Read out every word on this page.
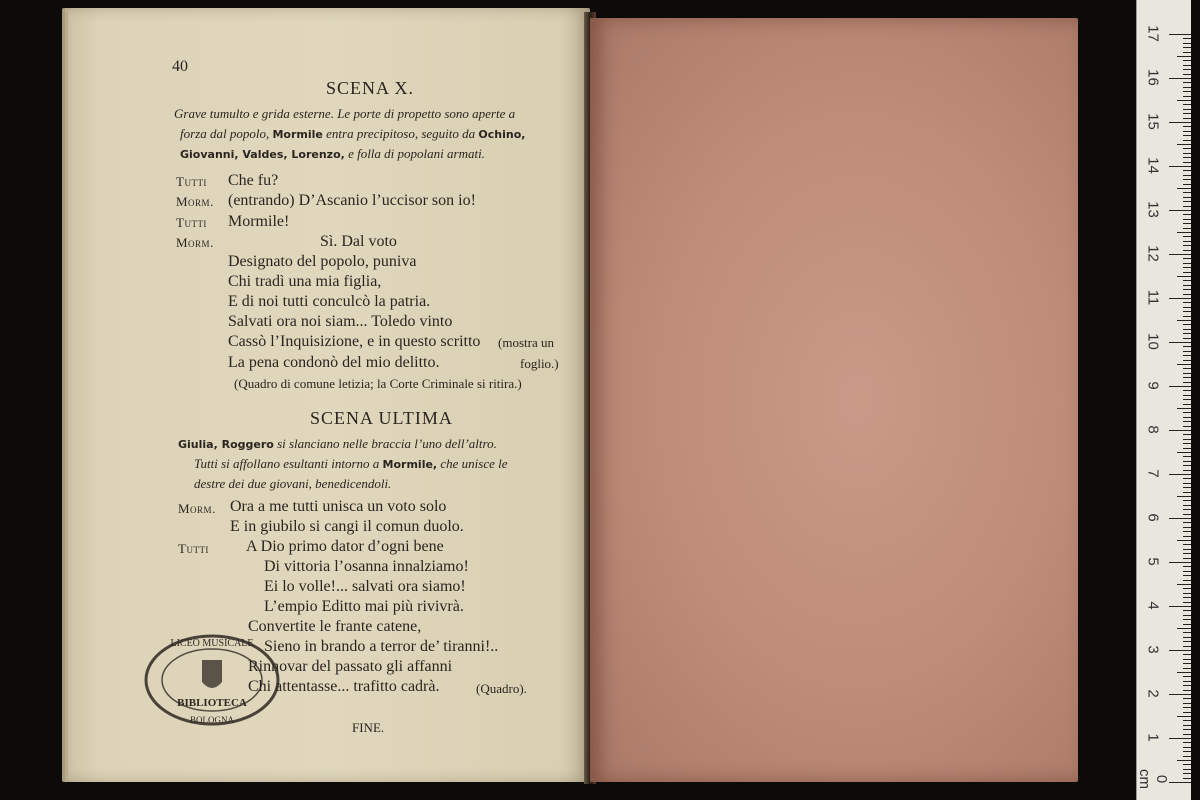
0 cm
1
2
3
4
5
6
7
8
9
10
11
12
13
14
15
16
17
40
SCENA X.
Grave tumulto e grida esterne. Le porte di propetto sono aperte a
forza dal popolo, Mormile entra precipitoso, seguito da Ochino,
Giovanni, Valdes, Lorenzo, e folla di popolani armati.
Tutti Che fu?
Morm. (entrando) D’Ascanio l’uccisor son io!
Tutti Mormile!
Morm.	Sì. Dal voto
Designato del popolo, puniva
Chi tradì una mia figlia,
E di noi tutti conculcò la patria.
Salvati ora noi siam... Toledo vinto
Cassò l’Inquisizione, e in questo scritto
La pena condonò del mio delitto.
(mostra un
foglio.)
(Quadro di comune letizia; la Corte Criminale si ritira.)
SCENA ULTIMA
Giulia, Roggero si slanciano nelle braccia l’uno dell’altro.
Tutti si affollano esultanti intorno a Mormile, che unisce le
destre dei due giovani, benedicendoli.
Morm. Ora a me tutti unisca un voto solo
E in giubilo si cangi il comun duolo.
Tutti A Dio primo dator d’ogni bene
Di vittoria l’osanna innalziamo!
Ei lo volle!... salvati ora siamo!
L’empio Editto mai più rivivrà.
Convertite le frante catene,
Sieno in brando a terror de’ tiranni!..
Rinnovar del passato gli affanni
Chi attentasse... trafitto cadrà.	(Quadro).
FINE.
LICEO MUSICALE
BIBLIOTECA
BOLOGNA
